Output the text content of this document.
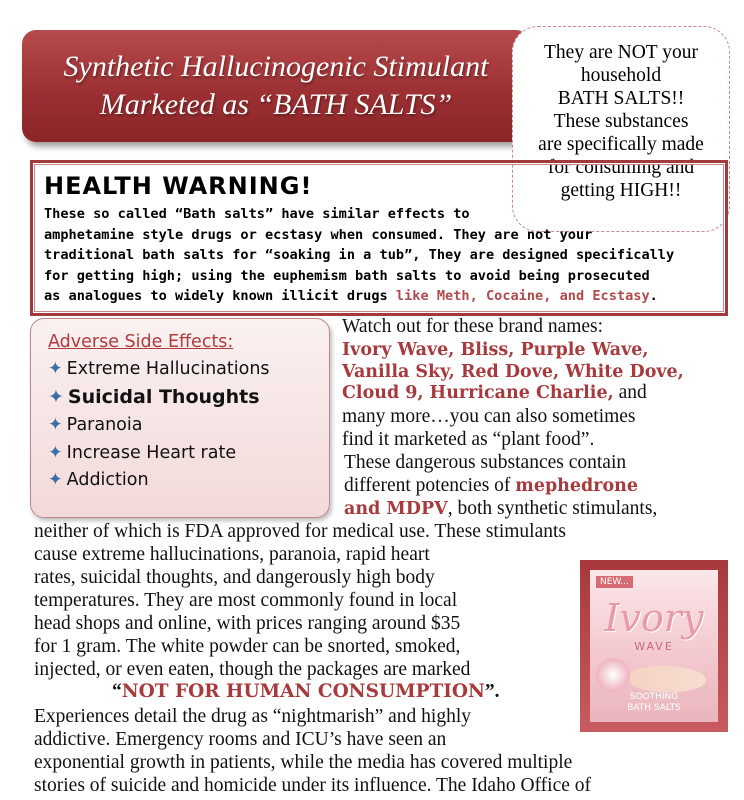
Synthetic Hallucinogenic Stimulant
Marketed as “BATH SALTS”
They are NOT your
household
BATH SALTS!!
These substances
are specifically made
for consuming and
getting HIGH!!
HEALTH WARNING!
These so called “Bath salts” have similar effects to
amphetamine style drugs or ecstasy when consumed. They are not your
traditional bath salts for “soaking in a tub”, They are designed specifically
for getting high; using the euphemism bath salts to avoid being prosecuted
as analogues to widely known illicit drugs like Meth, Cocaine, and Ecstasy.
Adverse Side Effects:
✦ Extreme Hallucinations
✦ Suicidal Thoughts
✦ Paranoia
✦ Increase Heart rate
✦ Addiction
Watch out for these brand names:
Ivory Wave, Bliss, Purple Wave,
Vanilla Sky, Red Dove, White Dove,
Cloud 9, Hurricane Charlie, and
many more…you can also sometimes
find it marketed as “plant food”.
These dangerous substances contain
different potencies of mephedrone
and MDPV, both synthetic stimulants,
neither of which is FDA approved for medical use. These stimulants
cause extreme hallucinations, paranoia, rapid heart
rates, suicidal thoughts, and dangerously high body
temperatures. They are most commonly found in local
head shops and online, with prices ranging around $35
for 1 gram. The white powder can be snorted, smoked,
injected, or even eaten, though the packages are marked
“NOT FOR HUMAN CONSUMPTION”.
Experiences detail the drug as “nightmarish” and highly
addictive. Emergency rooms and ICU’s have seen an
exponential growth in patients, while the media has covered multiple
stories of suicide and homicide under its influence. The Idaho Office of
NEW...
Ivory
WAVE
SOOTHING
BATH SALTS
